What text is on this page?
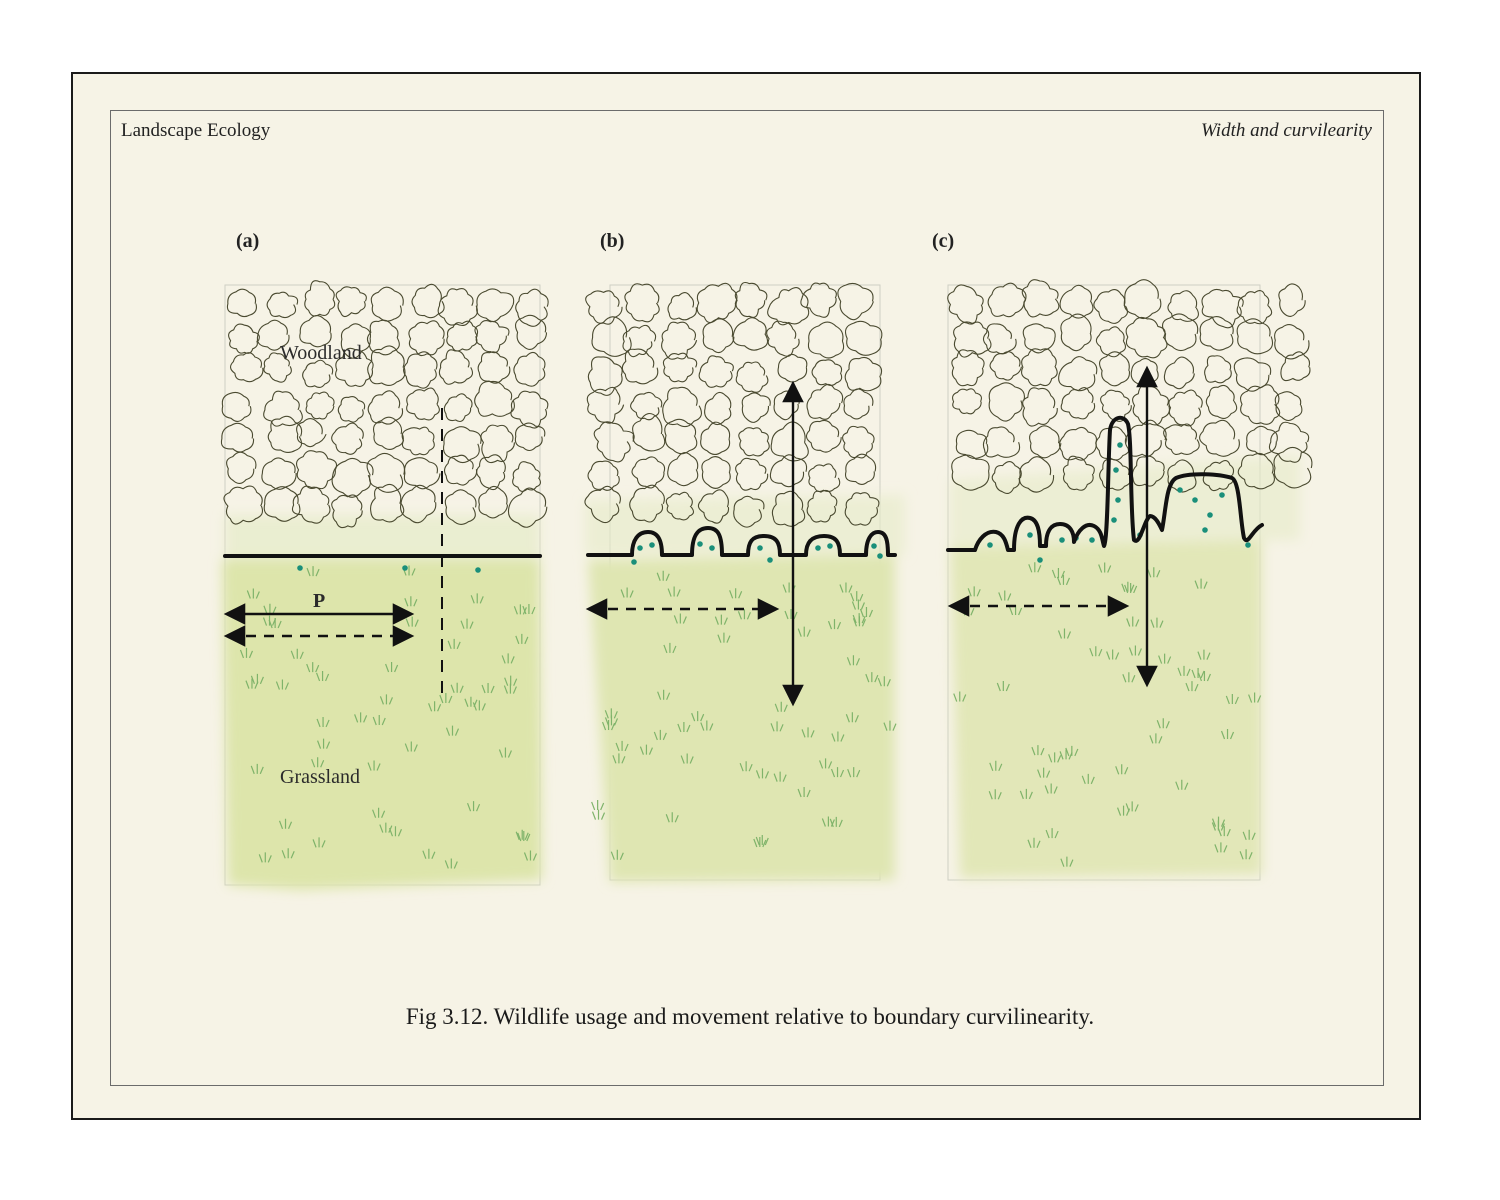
Landscape Ecology	Width and curvilearity
(a)	(b)	(c)
Woodland
Grassland
P
Fig 3.12. Wildlife usage and movement relative to boundary curvilinearity.
